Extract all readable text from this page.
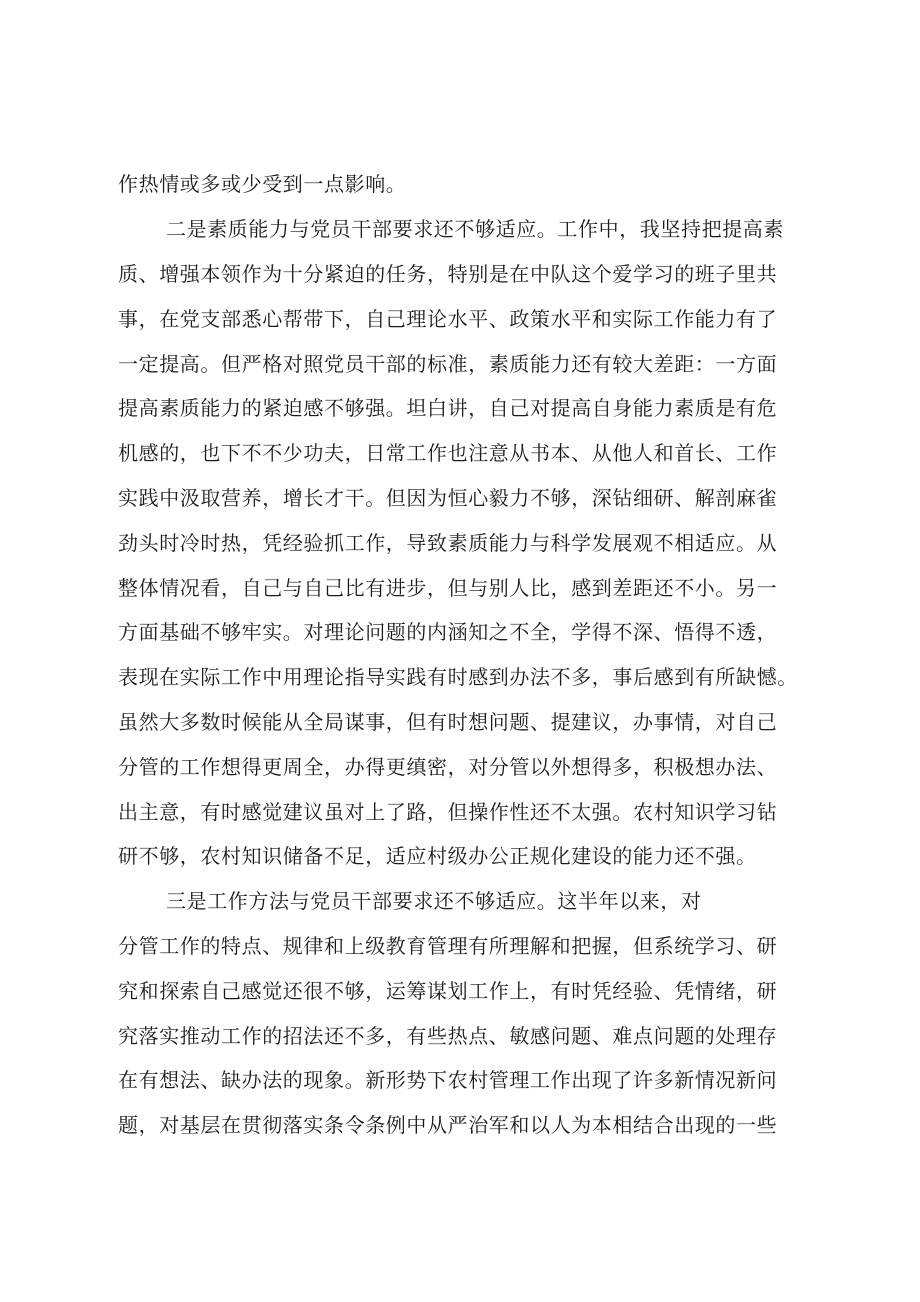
作热情或多或少受到一点影响。
二是素质能力与党员干部要求还不够适应。工作中，我坚持把提高素
质、增强本领作为十分紧迫的任务，特别是在中队这个爱学习的班子里共
事，在党支部悉心帮带下，自己理论水平、政策水平和实际工作能力有了
一定提高。但严格对照党员干部的标准，素质能力还有较大差距：一方面
提高素质能力的紧迫感不够强。坦白讲，自己对提高自身能力素质是有危
机感的，也下不不少功夫，日常工作也注意从书本、从他人和首长、工作
实践中汲取营养，增长才干。但因为恒心毅力不够，深钻细研、解剖麻雀
劲头时冷时热，凭经验抓工作，导致素质能力与科学发展观不相适应。从
整体情况看，自己与自己比有进步，但与别人比，感到差距还不小。另一
方面基础不够牢实。对理论问题的内涵知之不全，学得不深、悟得不透，
表现在实际工作中用理论指导实践有时感到办法不多，事后感到有所缺憾。
虽然大多数时候能从全局谋事，但有时想问题、提建议，办事情，对自己
分管的工作想得更周全，办得更缜密，对分管以外想得多，积极想办法、
出主意，有时感觉建议虽对上了路，但操作性还不太强。农村知识学习钻
研不够，农村知识储备不足，适应村级办公正规化建设的能力还不强。
三是工作方法与党员干部要求还不够适应。这半年以来，对
分管工作的特点、规律和上级教育管理有所理解和把握，但系统学习、研
究和探索自己感觉还很不够，运筹谋划工作上，有时凭经验、凭情绪，研
究落实推动工作的招法还不多，有些热点、敏感问题、难点问题的处理存
在有想法、缺办法的现象。新形势下农村管理工作出现了许多新情况新问
题，对基层在贯彻落实条令条例中从严治军和以人为本相结合出现的一些
